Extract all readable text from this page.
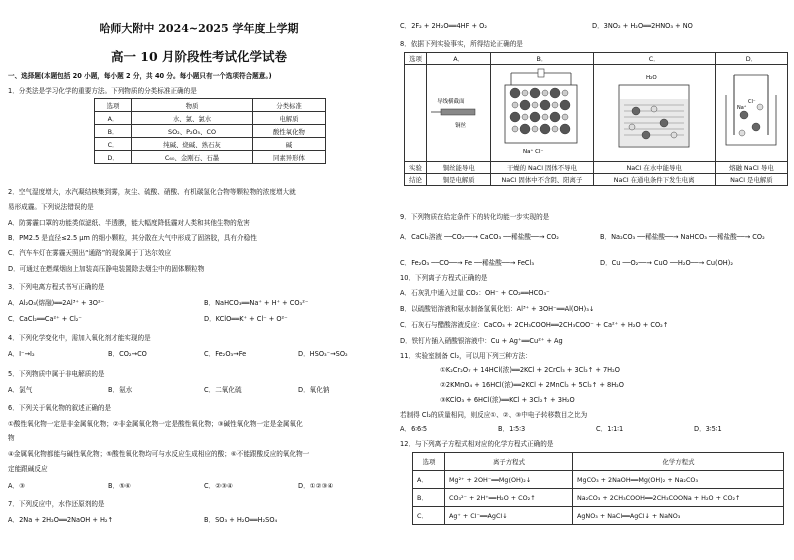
哈师大附中 2024~2025 学年度上学期
高一 10 月阶段性考试化学试卷
一、选择题(本题包括 20 小题，每小题 2 分，共 40 分。每小题只有一个选项符合题意。)
1．分类法是学习化学的重要方法。下列物质的分类标准正确的是
选项	物质	分类标准
A．	水、氯、氯水	电解质
B．	SO₂、P₂O₅、CO	酸性氧化物
C．	纯碱、烧碱、熟石灰	碱
D．	C₆₀、金刚石、石墨	同素异形体
2．空气湿度增大，水汽凝结核集到雾，灰尘、硫酸、硝酸、有机碳氢化合物等颗粒物的浓度增大就
易形成霾。下列说法错误的是
A．防雾霾口罩的功能类似滤纸、半透膜，能大幅度降低霾对人类和其他生物的危害
B．PM2.5 是直径≤2.5 μm 的细小颗粒，其分散在大气中形成了固溶胶，具有介稳性
C．汽车车灯在雾霾天照出“通路”的现象属于丁达尔效应
D．可通过在燃煤烟囱上加装高压静电装置除去烟尘中的固体颗粒物
3．下列电离方程式书写正确的是
A．Al₂O₃(熔融)══2Al³⁺ + 3O²⁻	B．NaHCO₃══Na⁺ + H⁺ + CO₃²⁻
C．CaCl₂══Ca²⁺ + Cl₂⁻	D．KClO══K⁺ + Cl⁻ + O²⁻
4．下列化学变化中，需加入氧化剂才能实现的是
A．I⁻→I₂	B．CO₂→CO	C．Fe₂O₃→Fe	D．HSO₃⁻→SO₂
5．下列物质中属于非电解质的是
A．氯气	B．氨水	C．二氧化硫	D．氧化钠
6．下列关于氧化物的叙述正确的是
①酸性氧化物一定是非金属氧化物；②非金属氧化物一定是酸性氧化物；③碱性氧化物一定是金属氧化
物
④金属氧化物都能与碱性氧化物；⑤酸性氧化物均可与水反应生成相应的酸；⑥不能跟酸反应的氧化物一
定能跟碱反应
A．③	B．⑤⑥	C．②③④	D．①②③④
7．下列反应中，水作还原剂的是
A．2Na + 2H₂O══2NaOH + H₂↑	B．SO₃ + H₂O══H₂SO₄
C．2F₂ + 2H₂O══4HF + O₂	D．3NO₂ + H₂O══2HNO₃ + NO
8．依据下列实验事实，所得结论正确的是
选项	A．	B．	C．	D．

导线横截面
铜丝	Na⁺ Cl⁻	H₂O	Cl⁻
Na⁺

实验	铜丝能导电	干燥的 NaCl 固体不导电	NaCl 在水中能导电	熔融 NaCl 导电
结论	铜是电解质	NaCl 固体中不含阴、阳离子	NaCl 在通电条件下发生电离	NaCl 是电解质
9．下列物质在给定条件下的转化均能一步实现的是
A．CaCl₂溶液 ──CO₂──→ CaCO₃ ──稀盐酸──→ CO₂	B．Na₂CO₃ ──稀盐酸──→ NaHCO₃ ──稀盐酸──→ CO₂
C．Fe₂O₃ ──CO──→ Fe ──稀盐酸──→ FeCl₃	D．Cu ──O₂──→ CuO ──H₂O──→ Cu(OH)₂
10．下列离子方程式正确的是
A．石灰乳中通入过量 CO₂：OH⁻ + CO₂══HCO₃⁻
B．以硫酸铝溶液和氨水制备氢氧化铝：Al³⁺ + 3OH⁻══Al(OH)₃↓
C．石灰石与醋酸溶液反应：CaCO₃ + 2CH₃COOH══2CH₃COO⁻ + Ca²⁺ + H₂O + CO₂↑
D．铁钉片插入硝酸银溶液中：Cu + Ag⁺══Cu²⁺ + Ag
11．实验室制备 Cl₂，可以用下列三种方法：
①K₂Cr₂O₇ + 14HCl(浓)══2KCl + 2CrCl₃ + 3Cl₂↑ + 7H₂O
②2KMnO₄ + 16HCl(浓)══2KCl + 2MnCl₂ + 5Cl₂↑ + 8H₂O
③KClO₃ + 6HCl(浓)══KCl + 3Cl₂↑ + 3H₂O
若制得 Cl₂的质量相同，则反应①、②、③中电子转移数目之比为
A．6∶6∶5	B．1∶5∶3	C．1∶1∶1	D．3∶5∶1
12．与下列离子方程式相对应的化学方程式正确的是
选项	离子方程式	化学方程式
A．	Mg²⁺ + 2OH⁻══Mg(OH)₂↓	MgCO₃ + 2NaOH══Mg(OH)₂ + Na₂CO₃
B．	CO₃²⁻ + 2H⁺══H₂O + CO₂↑	Na₂CO₃ + 2CH₃COOH══2CH₃COONa + H₂O + CO₂↑
C．	Ag⁺ + Cl⁻══AgCl↓	AgNO₃ + NaCl══AgCl↓ + NaNO₃
